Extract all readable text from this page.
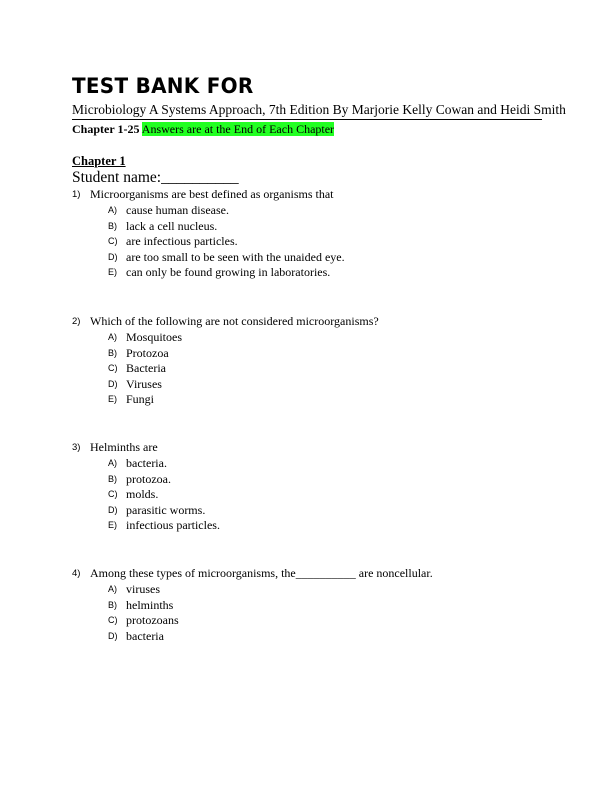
TEST BANK FOR
Microbiology A Systems Approach, 7th Edition By Marjorie Kelly Cowan and Heidi Smith
Chapter 1-25 Answers are at the End of Each Chapter
Chapter 1
Student name:__________
1) Microorganisms are best defined as organisms that
A) cause human disease.
B) lack a cell nucleus.
C) are infectious particles.
D) are too small to be seen with the unaided eye.
E) can only be found growing in laboratories.
2) Which of the following are not considered microorganisms?
A) Mosquitoes
B) Protozoa
C) Bacteria
D) Viruses
E) Fungi
3) Helminths are
A) bacteria.
B) protozoa.
C) molds.
D) parasitic worms.
E) infectious particles.
4) Among these types of microorganisms, the__________ are noncellular.
A) viruses
B) helminths
C) protozoans
D) bacteria
